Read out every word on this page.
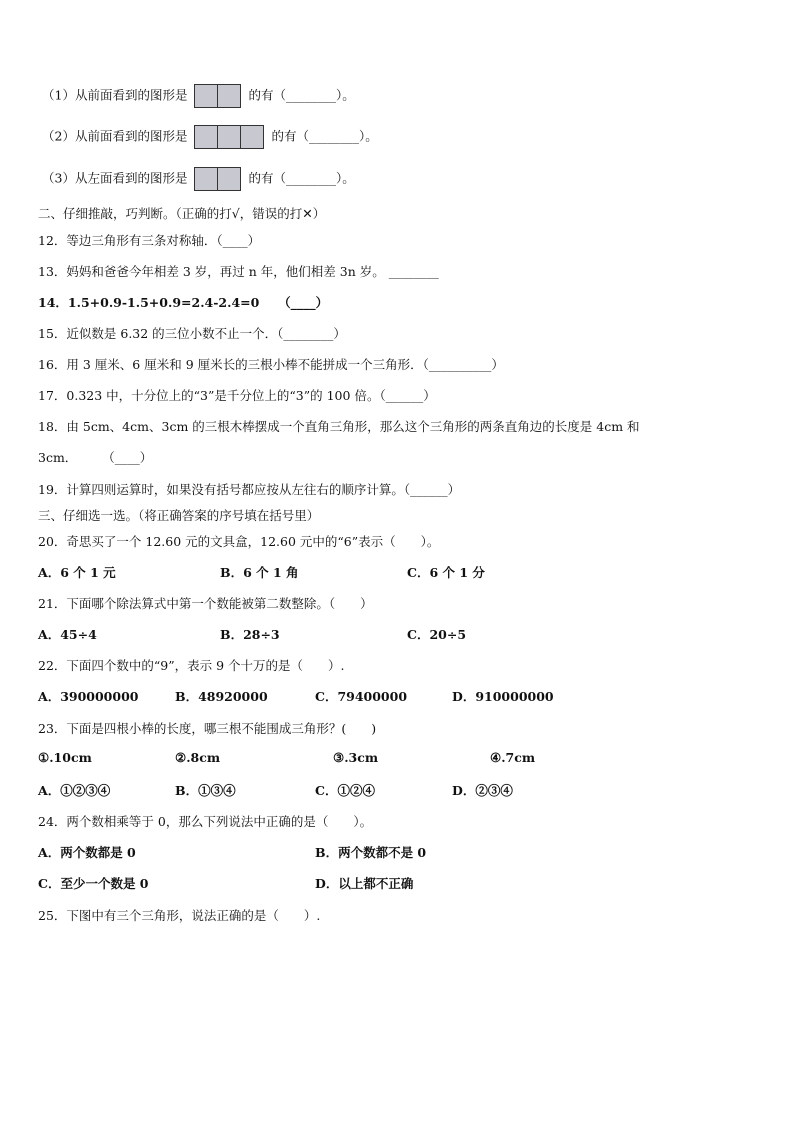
（1）从前面看到的图形是	的有（________）。
（2）从前面看到的图形是	的有（________）。
（3）从左面看到的图形是	的有（________）。
二、仔细推敲，巧判断。（正确的打√，错误的打✕）
12．等边三角形有三条对称轴．（____）
13．妈妈和爸爸今年相差 3 岁，再过 n 年，他们相差 3n 岁。 ________
14．1.5+0.9-1.5+0.9=2.4-2.4=0　　（____）
15．近似数是 6.32 的三位小数不止一个．（________）
16．用 3 厘米、6 厘米和 9 厘米长的三根小棒不能拼成一个三角形．（__________）
17．0.323 中，十分位上的“3”是千分位上的“3”的 100 倍。（______）
18．由 5cm、4cm、3cm 的三根木棒摆成一个直角三角形，那么这个三角形的两条直角边的长度是 4cm 和
3cm．　　　（____）
19．计算四则运算时，如果没有括号都应按从左往右的顺序计算。（______）
三、仔细选一选。（将正确答案的序号填在括号里）
20．奇思买了一个 12.60 元的文具盒，12.60 元中的“6”表示（　　）。
A．6 个 1 元	B．6 个 1 角	C．6 个 1 分
21．下面哪个除法算式中第一个数能被第二数整除。（　　）
A．45÷4	B．28÷3	C．20÷5
22．下面四个数中的“9”，表示 9 个十万的是（　　）.
A．390000000	B．48920000	C．79400000	D．910000000
23．下面是四根小棒的长度，哪三根不能围成三角形？(　　)
①.10cm	②.8cm	③.3cm	④.7cm
A．①②③④	B．①③④	C．①②④	D．②③④
24．两个数相乘等于 0，那么下列说法中正确的是（　　）。
A．两个数都是 0	B．两个数都不是 0
C．至少一个数是 0	D．以上都不正确
25．下图中有三个三角形，说法正确的是（　　）.
